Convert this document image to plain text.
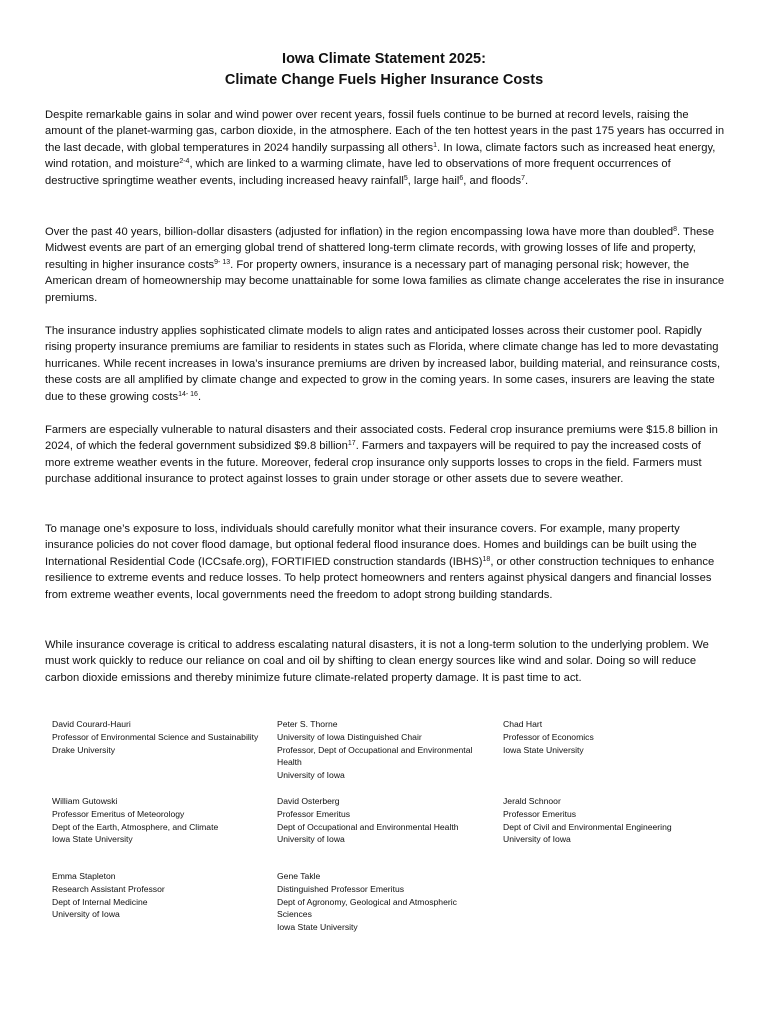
Iowa Climate Statement 2025:
Climate Change Fuels Higher Insurance Costs
Despite remarkable gains in solar and wind power over recent years, fossil fuels continue to be burned at record levels, raising the amount of the planet-warming gas, carbon dioxide, in the atmosphere. Each of the ten hottest years in the past 175 years has occurred in the last decade, with global temperatures in 2024 handily surpassing all others$^1$. In Iowa, climate factors such as increased heat energy, wind rotation, and moisture$^{2-4}$, which are linked to a warming climate, have led to observations of more frequent occurrences of destructive springtime weather events, including increased heavy rainfall$^5$, large hail$^6$, and floods$^7$.
Over the past 40 years, billion-dollar disasters (adjusted for inflation) in the region encompassing Iowa have more than doubled$^8$. These Midwest events are part of an emerging global trend of shattered long-term climate records, with growing losses of life and property, resulting in higher insurance costs$^{9- 13}$. For property owners, insurance is a necessary part of managing personal risk; however, the American dream of homeownership may become unattainable for some Iowa families as climate change accelerates the rise in insurance premiums.
The insurance industry applies sophisticated climate models to align rates and anticipated losses across their customer pool. Rapidly rising property insurance premiums are familiar to residents in states such as Florida, where climate change has led to more devastating hurricanes. While recent increases in Iowa’s insurance premiums are driven by increased labor, building material, and reinsurance costs, these costs are all amplified by climate change and expected to grow in the coming years. In some cases, insurers are leaving the state due to these growing costs$^{14- 16}$.
Farmers are especially vulnerable to natural disasters and their associated costs. Federal crop insurance premiums were $15.8 billion in 2024, of which the federal government subsidized $9.8 billion$^{17}$. Farmers and taxpayers will be required to pay the increased costs of more extreme weather events in the future. Moreover, federal crop insurance only supports losses to crops in the field. Farmers must purchase additional insurance to protect against losses to grain under storage or other assets due to severe weather.
To manage one’s exposure to loss, individuals should carefully monitor what their insurance covers. For example, many property insurance policies do not cover flood damage, but optional federal flood insurance does. Homes and buildings can be built using the International Residential Code (ICCsafe.org), FORTIFIED construction standards (IBHS)$^{18}$, or other construction techniques to enhance resilience to extreme events and reduce losses. To help protect homeowners and renters against physical dangers and financial losses from extreme weather events, local governments need the freedom to adopt strong building standards.
While insurance coverage is critical to address escalating natural disasters, it is not a long-term solution to the underlying problem. We must work quickly to reduce our reliance on coal and oil by shifting to clean energy sources like wind and solar. Doing so will reduce carbon dioxide emissions and thereby minimize future climate-related property damage. It is past time to act.
David Courard-Hauri
Professor of Environmental Science and Sustainability
Drake University
Peter S. Thorne
University of Iowa Distinguished Chair
Professor, Dept of Occupational and Environmental Health
University of Iowa
Chad Hart
Professor of Economics
Iowa State University
William Gutowski
Professor Emeritus of Meteorology
Dept of the Earth, Atmosphere, and Climate
Iowa State University
David Osterberg
Professor Emeritus
Dept of Occupational and Environmental Health
University of Iowa
Jerald Schnoor
Professor Emeritus
Dept of Civil and Environmental Engineering
University of Iowa
Emma Stapleton
Research Assistant Professor
Dept of Internal Medicine
University of Iowa
Gene Takle
Distinguished Professor Emeritus
Dept of Agronomy, Geological and Atmospheric Sciences
Iowa State University
